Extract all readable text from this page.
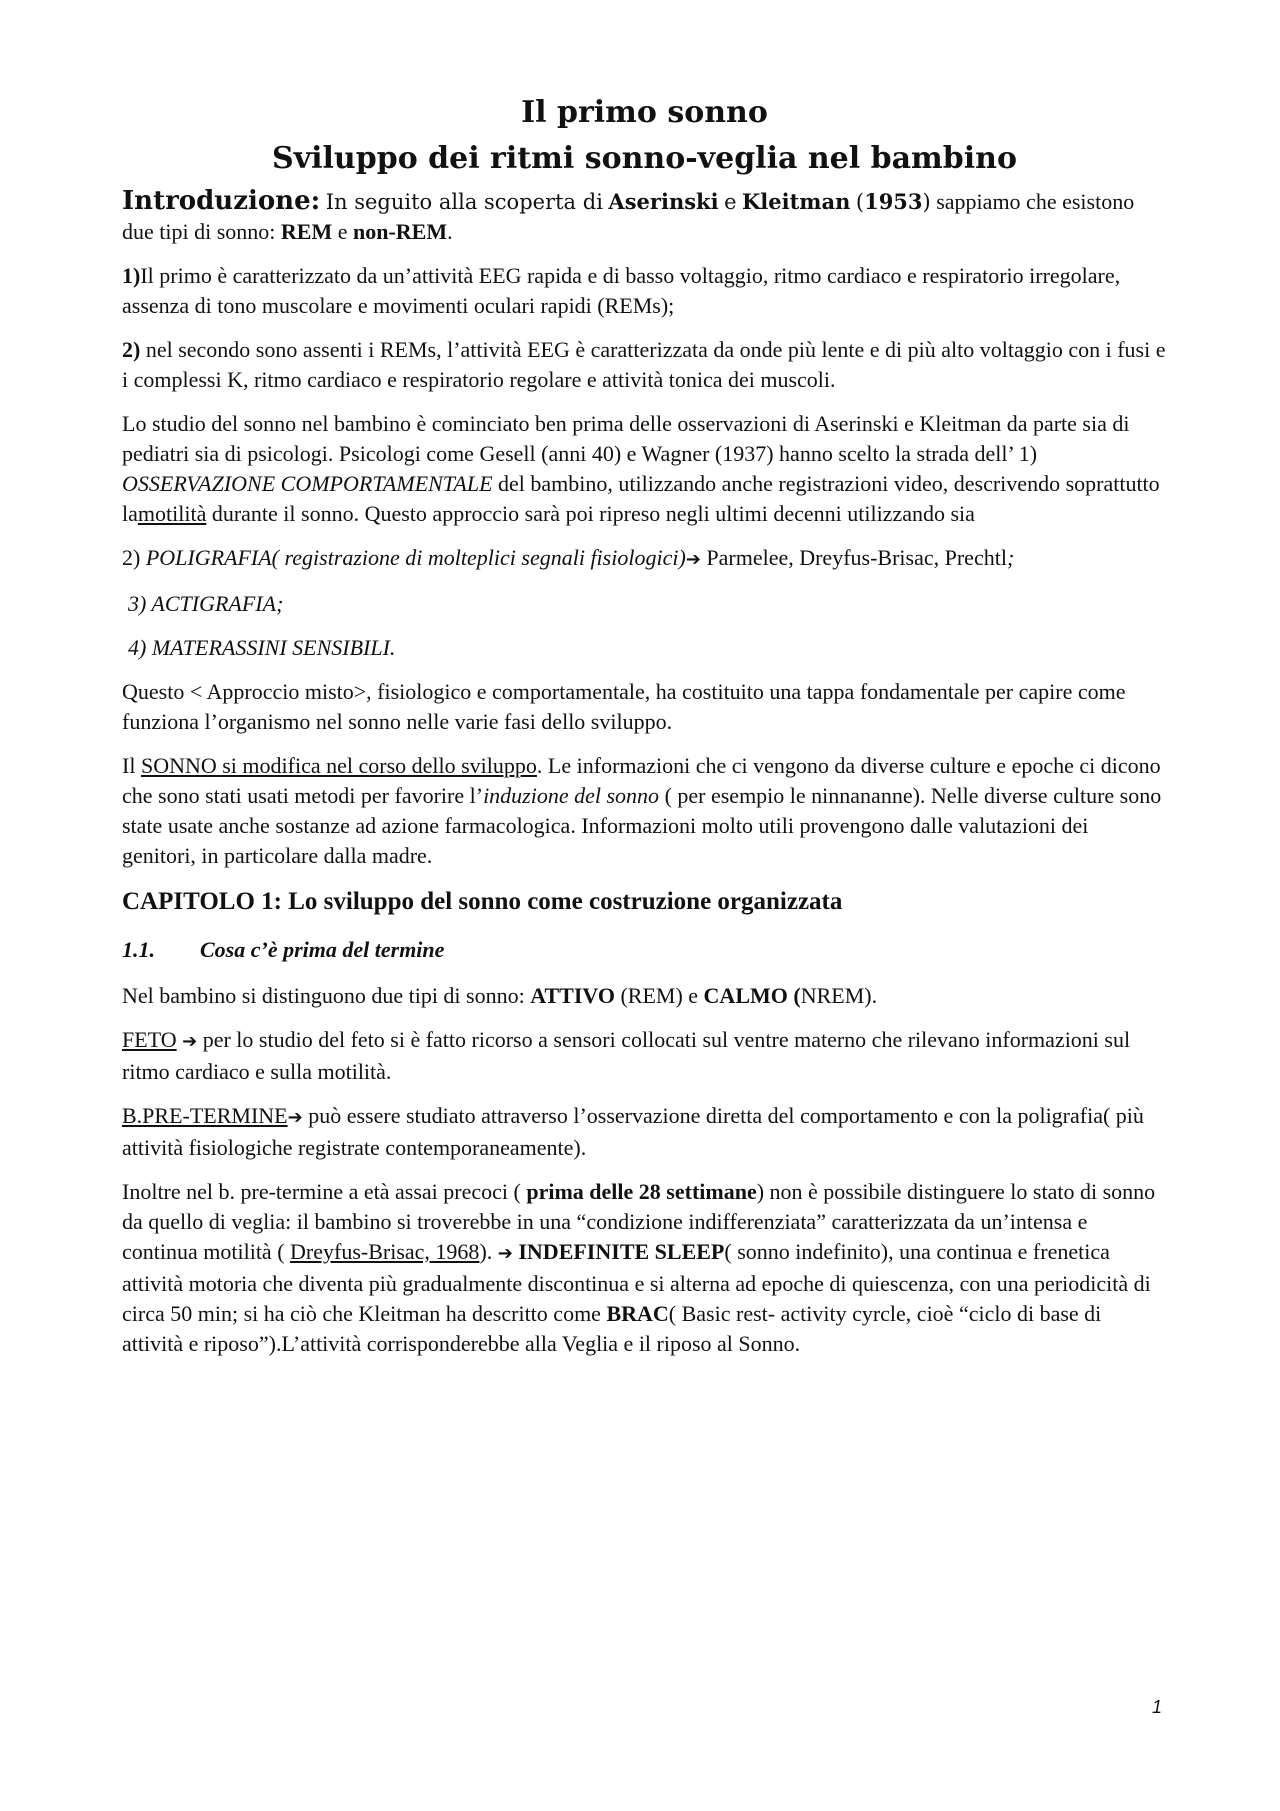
Il primo sonno
Sviluppo dei ritmi sonno-veglia nel bambino

Introduzione: In seguito alla scoperta di Aserinski e Kleitman (1953) sappiamo che esistono due tipi di sonno: REM e non-REM.

1)Il primo è caratterizzato da un’attività EEG rapida e di basso voltaggio, ritmo cardiaco e respiratorio irregolare, assenza di tono muscolare e movimenti oculari rapidi (REMs);

2) nel secondo sono assenti i REMs, l’attività EEG è caratterizzata da onde più lente e di più alto voltaggio con i fusi e i complessi K, ritmo cardiaco e respiratorio regolare e attività tonica dei muscoli.

Lo studio del sonno nel bambino è cominciato ben prima delle osservazioni di Aserinski e Kleitman da parte sia di pediatri sia di psicologi. Psicologi come Gesell (anni 40) e Wagner (1937) hanno scelto la strada dell’ 1) OSSERVAZIONE COMPORTAMENTALE del bambino, utilizzando anche registrazioni video, descrivendo soprattutto lamotilità durante il sonno. Questo approccio sarà poi ripreso negli ultimi decenni utilizzando sia

2) POLIGRAFIA( registrazione di molteplici segnali fisiologici)➔ Parmelee, Dreyfus-Brisac, Prechtl;

3) ACTIGRAFIA;

4) MATERASSINI SENSIBILI.

Questo < Approccio misto>, fisiologico e comportamentale, ha costituito una tappa fondamentale per capire come funziona l’organismo nel sonno nelle varie fasi dello sviluppo.

Il SONNO si modifica nel corso dello sviluppo. Le informazioni che ci vengono da diverse culture e epoche ci dicono che sono stati usati metodi per favorire l’induzione del sonno ( per esempio le ninnananne). Nelle diverse culture sono state usate anche sostanze ad azione farmacologica. Informazioni molto utili provengono dalle valutazioni dei genitori, in particolare dalla madre.

CAPITOLO 1: Lo sviluppo del sonno come costruzione organizzata
1.1. Cosa c’è prima del termine

Nel bambino si distinguono due tipi di sonno: ATTIVO (REM) e CALMO (NREM).

FETO ➔ per lo studio del feto si è fatto ricorso a sensori collocati sul ventre materno che rilevano informazioni sul ritmo cardiaco e sulla motilità.

B.PRE-TERMINE➔ può essere studiato attraverso l’osservazione diretta del comportamento e con la poligrafia( più attività fisiologiche registrate contemporaneamente).

Inoltre nel b. pre-termine a età assai precoci ( prima delle 28 settimane) non è possibile distinguere lo stato di sonno da quello di veglia: il bambino si troverebbe in una “condizione indifferenziata” caratterizzata da un’intensa e continua motilità ( Dreyfus-Brisac, 1968). ➔ INDEFINITE SLEEP( sonno indefinito), una continua e frenetica attività motoria che diventa più gradualmente discontinua e si alterna ad epoche di quiescenza, con una periodicità di circa 50 min; si ha ciò che Kleitman ha descritto come BRAC( Basic rest- activity cyrcle, cioè “ciclo di base di attività e riposo”).L’attività corrisponderebbe alla Veglia e il riposo al Sonno.

1
